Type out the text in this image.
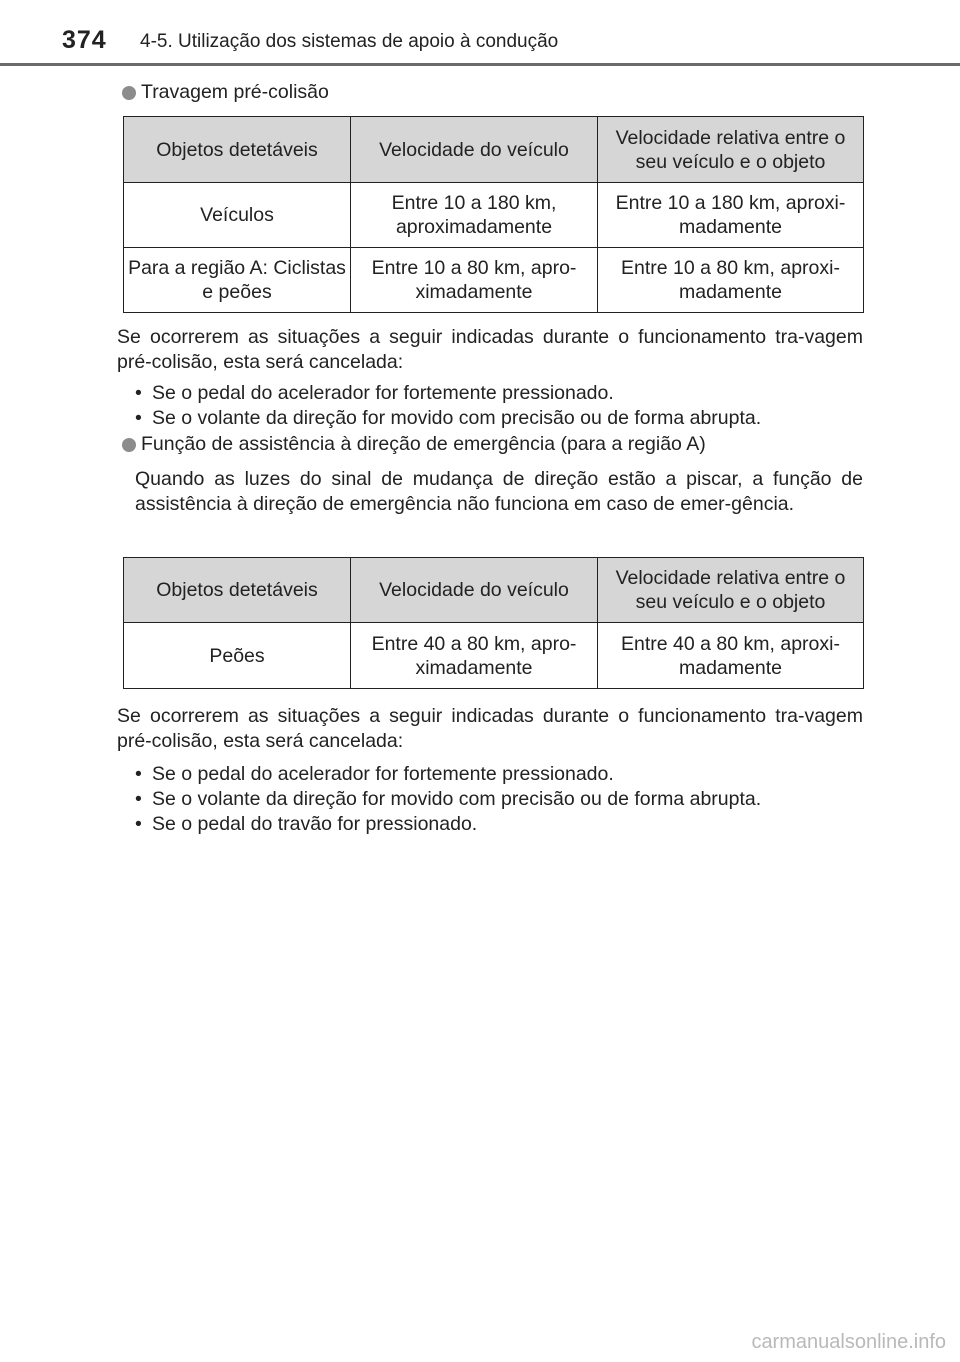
374 4-5. Utilização dos sistemas de apoio à condução
Travagem pré-colisão
Objetos detetáveis	Velocidade do veículo	Velocidade relativa entre o seu veículo e o objeto
Veículos	Entre 10 a 180 km, aproximadamente	Entre 10 a 180 km, aproxi-madamente
Para a região A: Ciclistas e peões	Entre 10 a 80 km, apro-ximadamente	Entre 10 a 80 km, aproxi-madamente

Se ocorrerem as situações a seguir indicadas durante o funcionamento tra-vagem pré-colisão, esta será cancelada:

• Se o pedal do acelerador for fortemente pressionado.

• Se o volante da direção for movido com precisão ou de forma abrupta.

Função de assistência à direção de emergência (para a região A)

Quando as luzes do sinal de mudança de direção estão a piscar, a função de assistência à direção de emergência não funciona em caso de emer-gência.

Objetos detetáveis	Velocidade do veículo	Velocidade relativa entre o seu veículo e o objeto
Peões	Entre 40 a 80 km, apro-ximadamente	Entre 40 a 80 km, aproxi-madamente

Se ocorrerem as situações a seguir indicadas durante o funcionamento tra-vagem pré-colisão, esta será cancelada:

• Se o pedal do acelerador for fortemente pressionado.

• Se o volante da direção for movido com precisão ou de forma abrupta.

• Se o pedal do travão for pressionado.

carmanualsonline.info
